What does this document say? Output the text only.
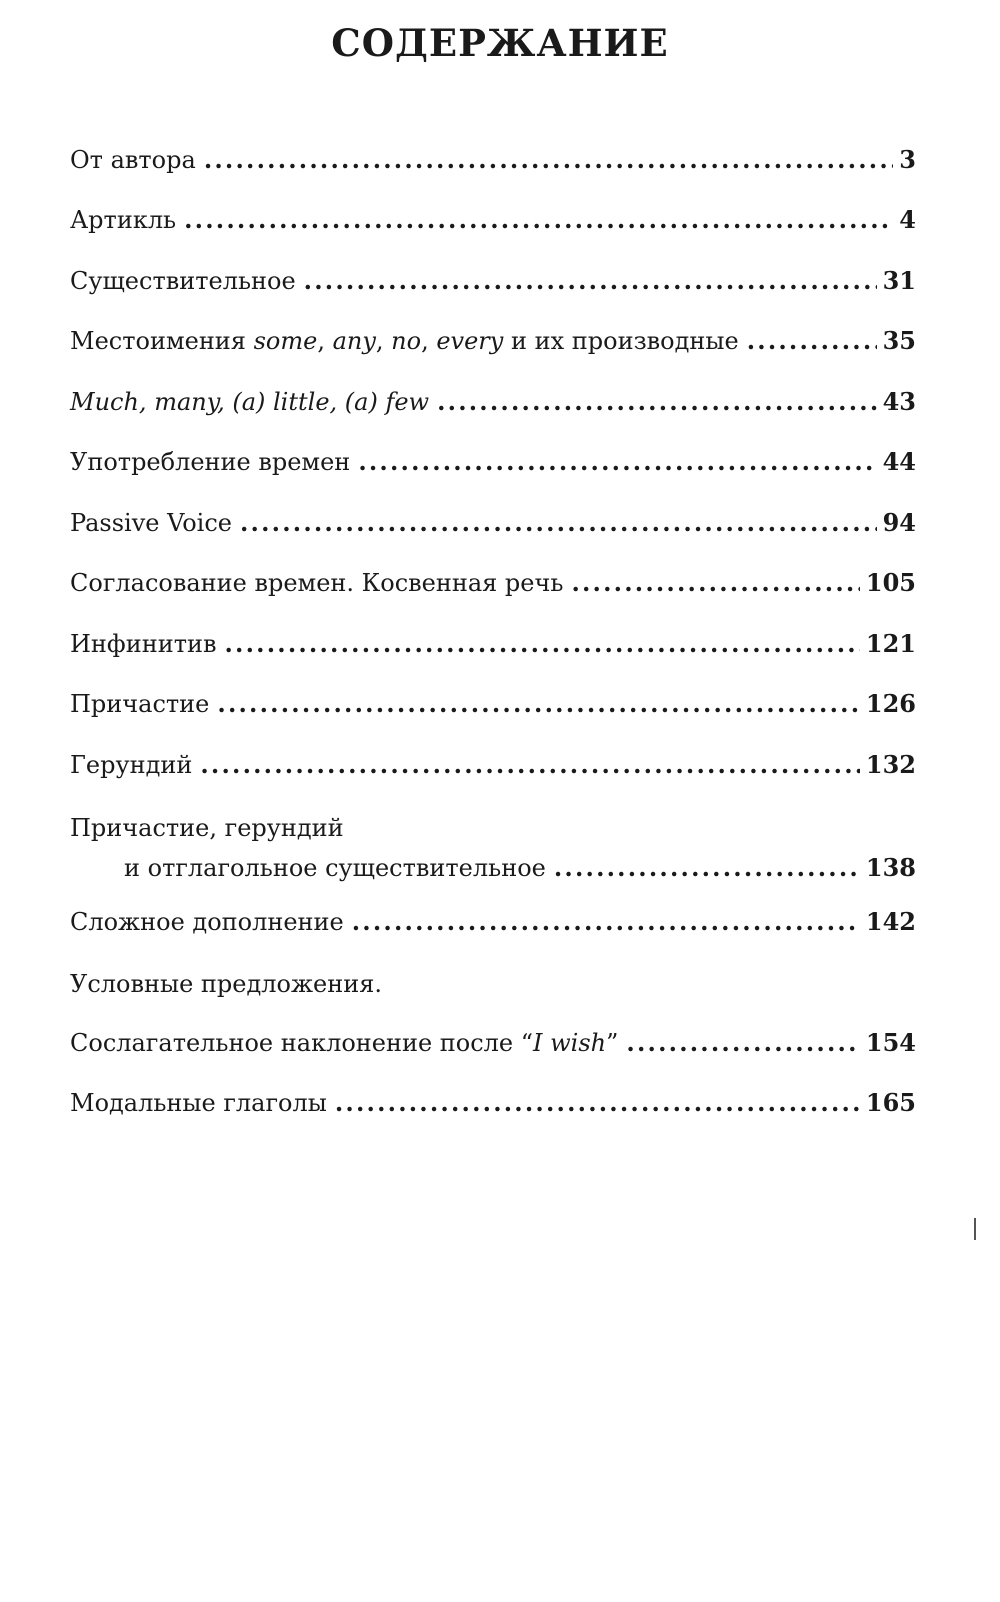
СОДЕРЖАНИЕ
От автора .....	3
Артикль .....	4
Существительное .....	31
Местоимения some, any, no, every и их производные .....	35
Much, many, (a) little, (a) few .....	43
Употребление времен .....	44
Passive Voice .....	94
Согласование времен. Косвенная речь .....	105
Инфинитив .....	121
Причастие .....	126
Герундий .....	132
Причастие, герундий
и отглагольное существительное .....	138
Сложное дополнение .....	142
Условные предложения.
Сослагательное наклонение после “I wish” .....	154
Модальные глаголы .....	165
